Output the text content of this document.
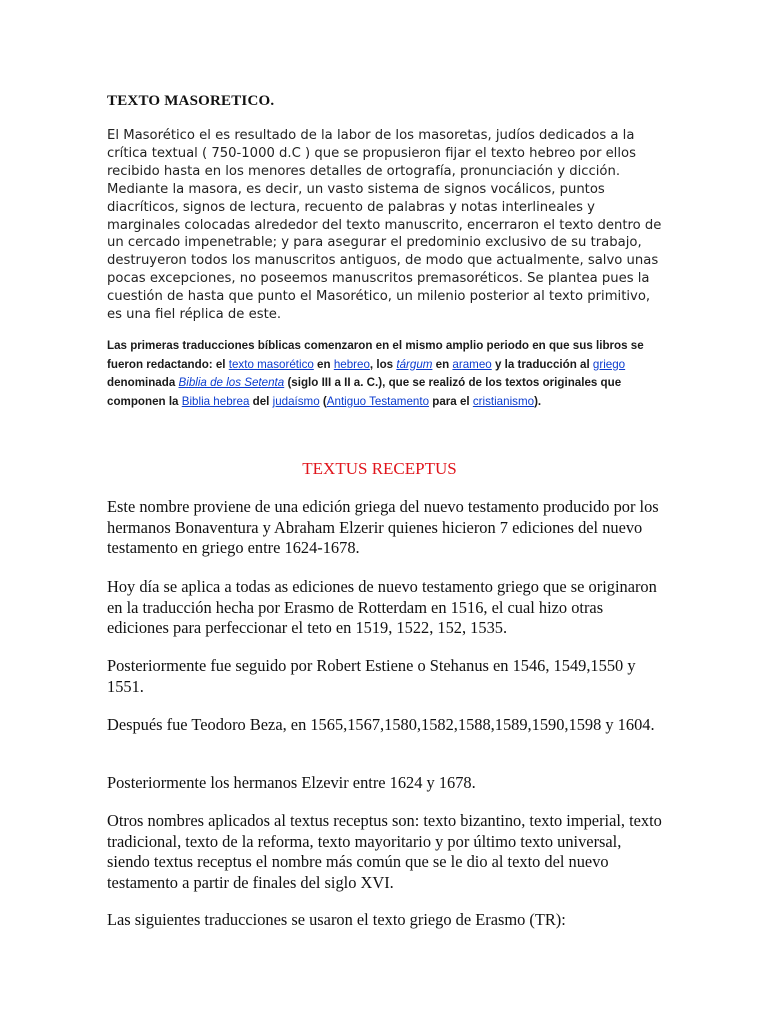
TEXTO MASORETICO.

El Masorético el es resultado de la labor de los masoretas, judíos dedicados a la crítica textual ( 750-1000 d.C ) que se propusieron fijar el texto hebreo por ellos recibido hasta en los menores detalles de ortografía, pronunciación y dicción. Mediante la masora, es decir, un vasto sistema de signos vocálicos, puntos diacríticos, signos de lectura, recuento de palabras y notas interlineales y marginales colocadas alrededor del texto manuscrito, encerraron el texto dentro de un cercado impenetrable; y para asegurar el predominio exclusivo de su trabajo, destruyeron todos los manuscritos antiguos, de modo que actualmente, salvo unas pocas excepciones, no poseemos manuscritos premasoréticos. Se plantea pues la cuestión de hasta que punto el Masorético, un milenio posterior al texto primitivo, es una fiel réplica de este.

Las primeras traducciones bíblicas comenzaron en el mismo amplio periodo en que sus libros se fueron redactando: el texto masorético en hebreo, los tárgum en arameo y la traducción al griego denominada Biblia de los Setenta (siglo III a II a. C.), que se realizó de los textos originales que componen la Biblia hebrea del judaísmo (Antiguo Testamento para el cristianismo).

TEXTUS RECEPTUS

Este nombre proviene de una edición griega del nuevo testamento producido por los hermanos Bonaventura y Abraham Elzerir quienes hicieron 7 ediciones del nuevo testamento en griego entre 1624-1678.

Hoy día se aplica a todas as ediciones de nuevo testamento griego que se originaron en la traducción hecha por Erasmo de Rotterdam en 1516, el cual hizo otras ediciones para perfeccionar el teto en 1519, 1522, 152, 1535.

Posteriormente fue seguido por Robert Estiene o Stehanus en 1546, 1549,1550 y 1551.

Después fue Teodoro Beza, en 1565,1567,1580,1582,1588,1589,1590,1598 y 1604.

Posteriormente los hermanos Elzevir entre 1624 y 1678.

Otros nombres aplicados al textus receptus son: texto bizantino, texto imperial, texto tradicional, texto de la reforma, texto mayoritario y por último texto universal, siendo textus receptus el nombre más común que se le dio al texto del nuevo testamento a partir de finales del siglo XVI.

Las siguientes traducciones se usaron el texto griego de Erasmo (TR):
